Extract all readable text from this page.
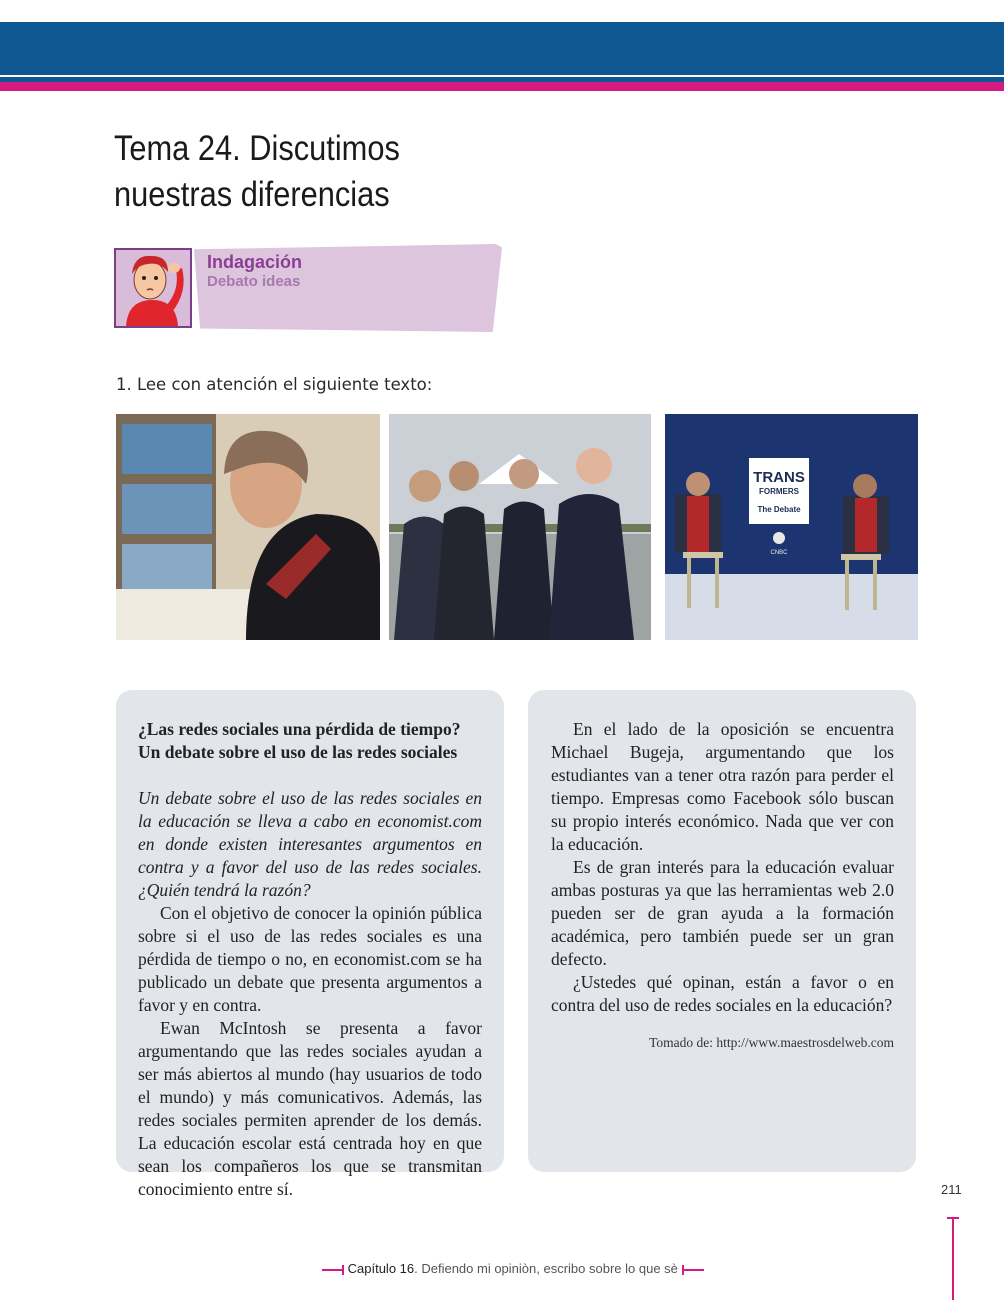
Tema 24. Discutimos
nuestras diferencias
Indagación
Debato ideas
1. Lee con atención el siguiente texto:
TRANS
FORMERS
The Debate
CNBC

¿Las redes sociales una pérdida de tiempo?
Un debate sobre el uso de las redes sociales

Un debate sobre el uso de las redes sociales en la educación se lleva a cabo en economist.com en donde existen interesantes argumentos en contra y a favor del uso de las redes sociales. ¿Quién tendrá la razón?

Con el objetivo de conocer la opinión pública sobre si el uso de las redes sociales es una pérdida de tiempo o no, en economist.com se ha publicado un debate que presenta argumentos a favor y en contra.

Ewan McIntosh se presenta a favor argumentando que las redes sociales ayudan a ser más abiertos al mundo (hay usuarios de todo el mundo) y más comunicativos. Además, las redes sociales permiten aprender de los demás. La educación escolar está centrada hoy en que sean los compañeros los que se transmitan conocimiento entre sí.

En el lado de la oposición se encuentra Michael Bugeja, argumentando que los estudiantes van a tener otra razón para perder el tiempo. Empresas como Facebook sólo buscan su propio interés económico. Nada que ver con la educación.

Es de gran interés para la educación evaluar ambas posturas ya que las herramientas web 2.0 pueden ser de gran ayuda a la formación académica, pero también puede ser un gran defecto.

¿Ustedes qué opinan, están a favor o en contra del uso de redes sociales en la educación?

Tomado de: http://www.maestrosdelweb.com
211
Capítulo 16. Defiendo mi opiniòn, escribo sobre lo que sè
